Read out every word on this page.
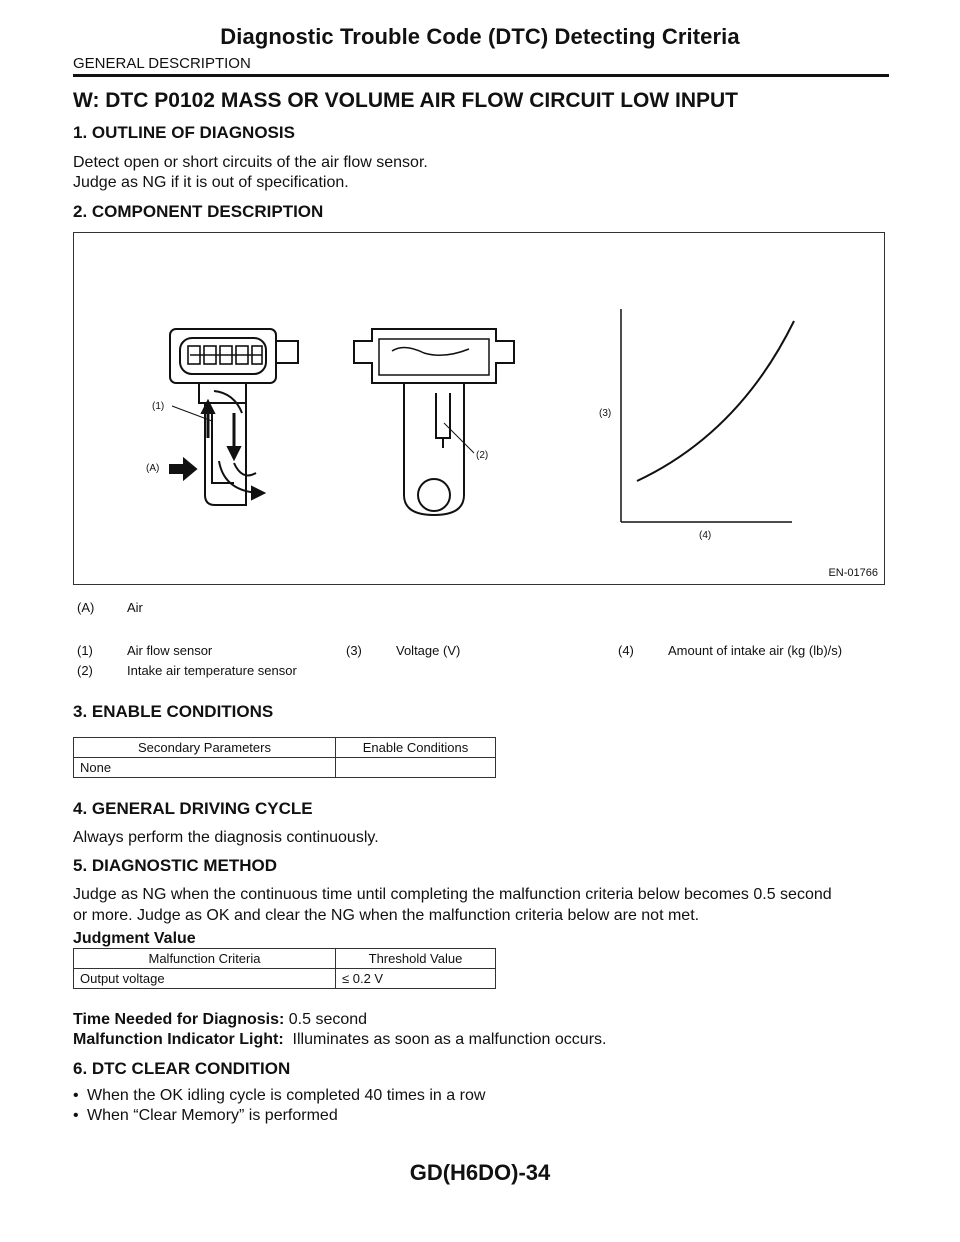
Diagnostic Trouble Code (DTC) Detecting Criteria
GENERAL DESCRIPTION
W: DTC P0102 MASS OR VOLUME AIR FLOW CIRCUIT LOW INPUT
1. OUTLINE OF DIAGNOSIS
Detect open or short circuits of the air flow sensor.
Judge as NG if it is out of specification.
2. COMPONENT DESCRIPTION
(1)
(A)
(2)
(3)
(4)
EN-01766
(A)	Air
(1)	Air flow sensor	(3)	Voltage (V)	(4)	Amount of intake air (kg (lb)/s)
(2)	Intake air temperature sensor
3. ENABLE CONDITIONS
Secondary Parameters	Enable Conditions
None	
4. GENERAL DRIVING CYCLE
Always perform the diagnosis continuously.
5. DIAGNOSTIC METHOD
Judge as NG when the continuous time until completing the malfunction criteria below becomes 0.5 second
or more. Judge as OK and clear the NG when the malfunction criteria below are not met.
Judgment Value
Malfunction Criteria	Threshold Value
Output voltage	≤ 0.2 V
Time Needed for Diagnosis: 0.5 second
Malfunction Indicator Light: Illuminates as soon as a malfunction occurs.
6. DTC CLEAR CONDITION
• When the OK idling cycle is completed 40 times in a row
• When “Clear Memory” is performed
GD(H6DO)-34
